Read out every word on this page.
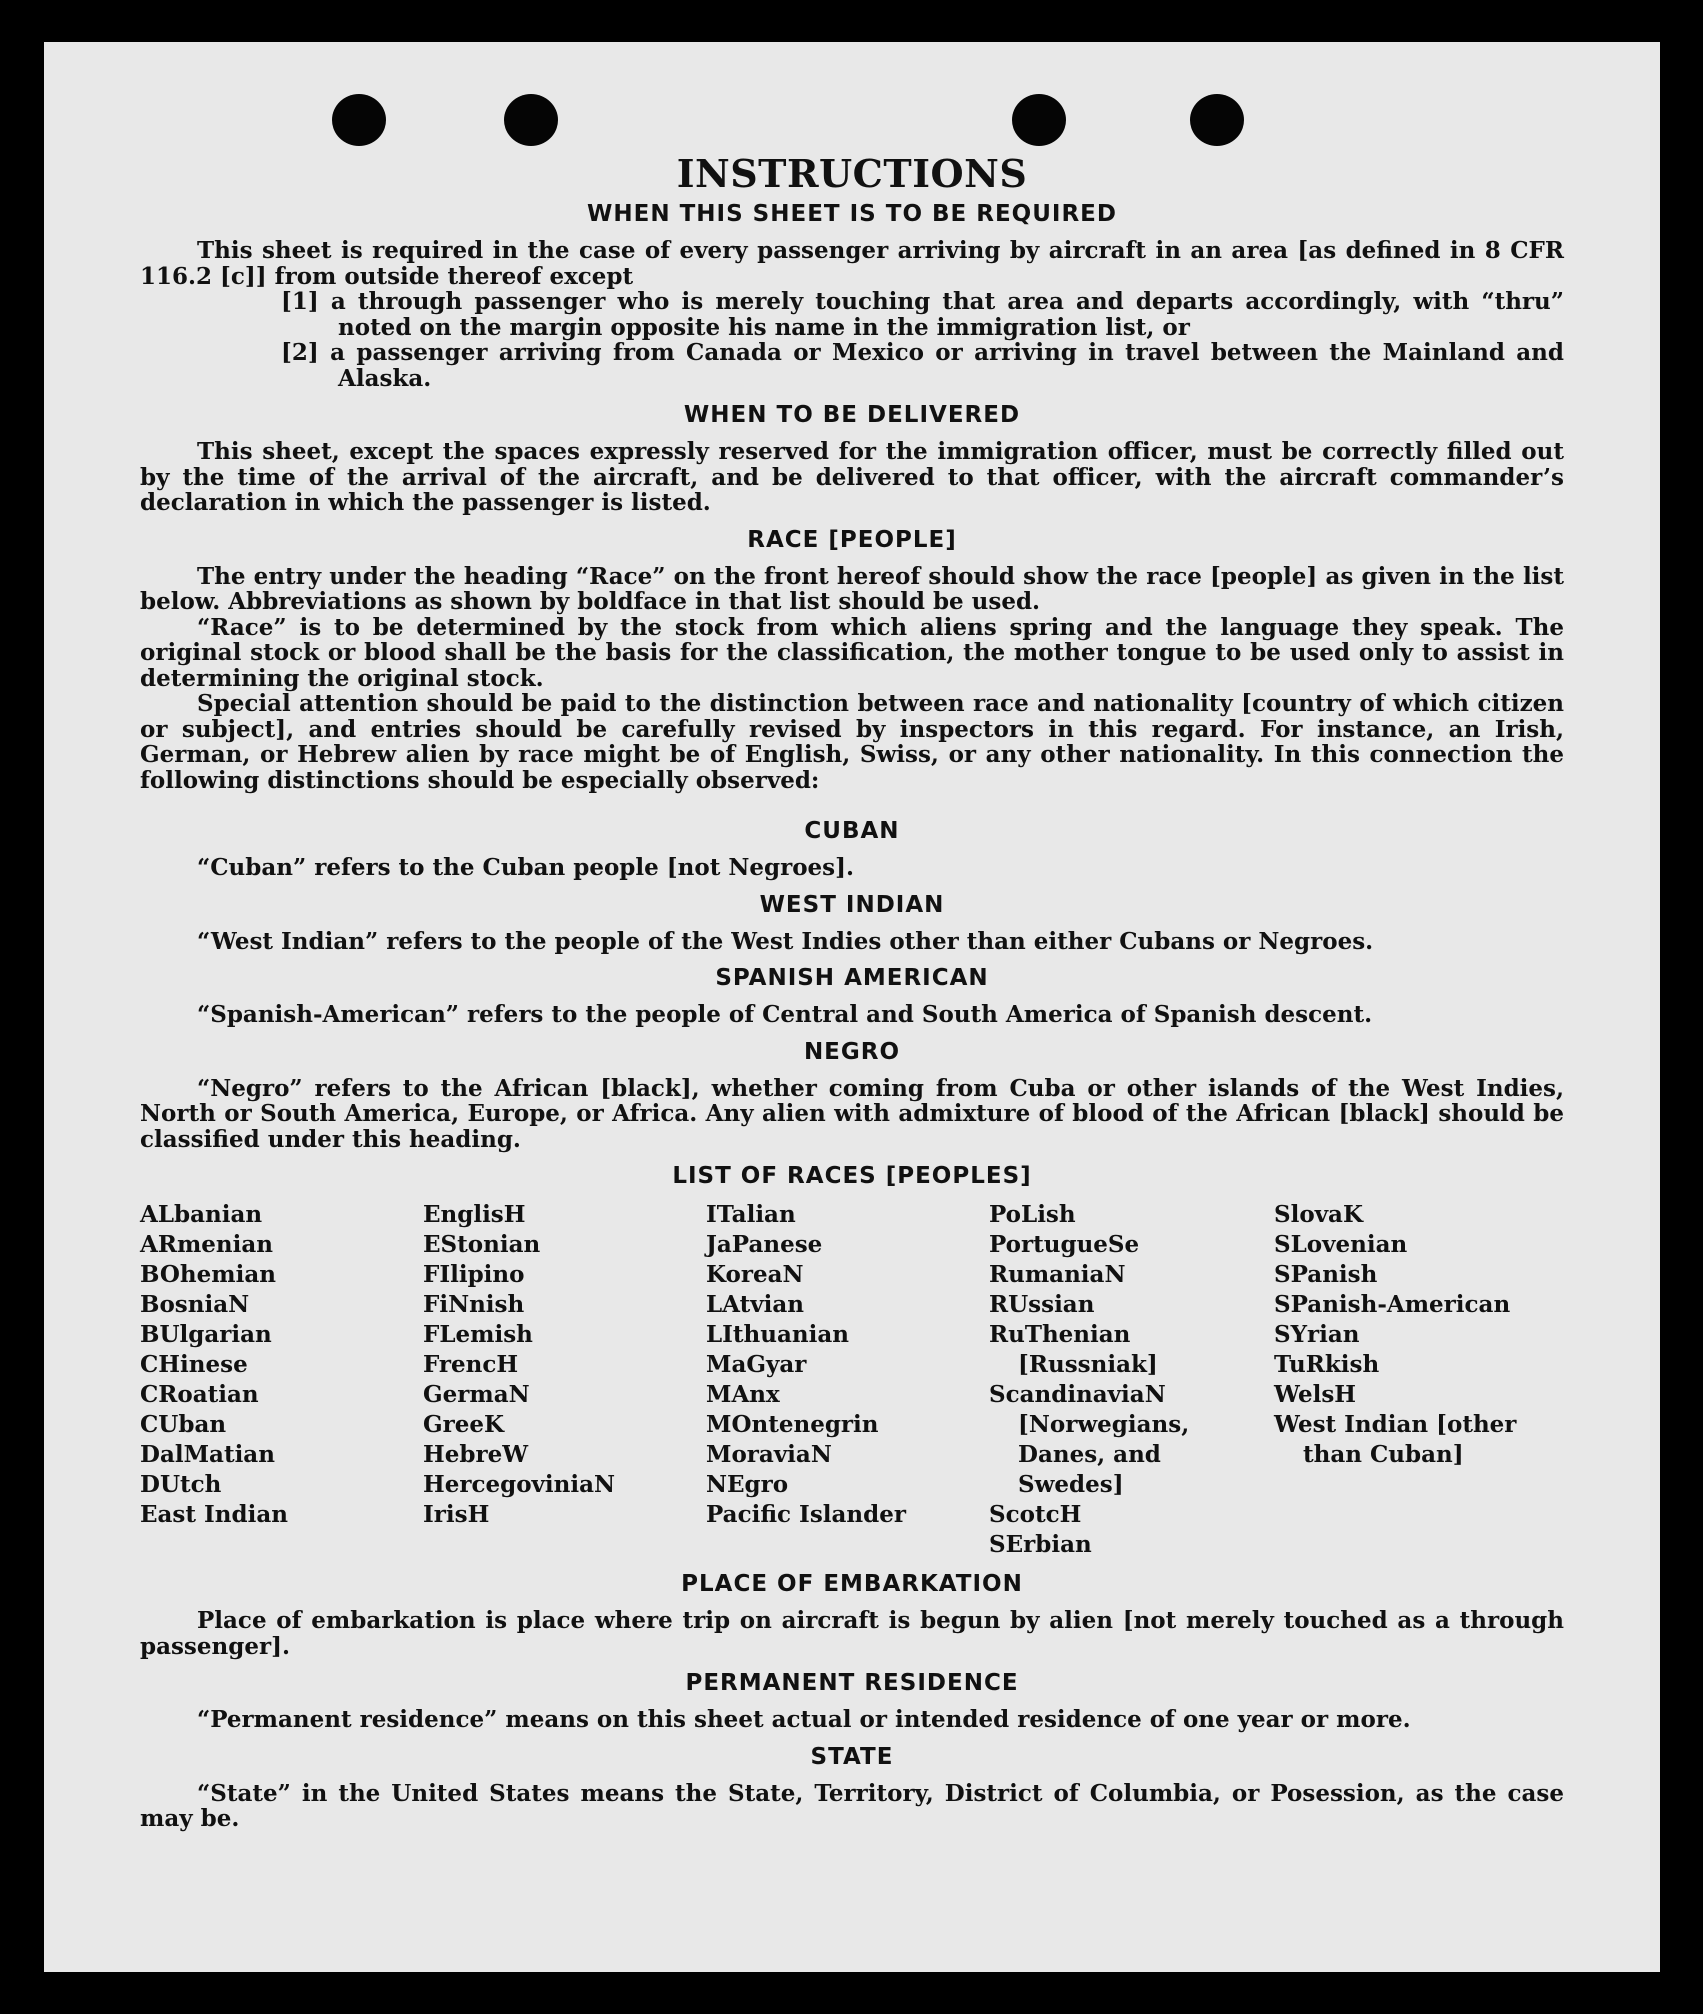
INSTRUCTIONS
WHEN THIS SHEET IS TO BE REQUIRED

This sheet is required in the case of every passenger arriving by aircraft in an area [as defined in 8 CFR 116.2 [c]] from outside thereof except

[1] a through passenger who is merely touching that area and departs accordingly, with “thru” noted on the margin opposite his name in the immigration list, or

[2] a passenger arriving from Canada or Mexico or arriving in travel between the Mainland and Alaska.

WHEN TO BE DELIVERED

This sheet, except the spaces expressly reserved for the immigration officer, must be correctly filled out by the time of the arrival of the aircraft, and be delivered to that officer, with the aircraft commander’s declaration in which the passenger is listed.

RACE [PEOPLE]

The entry under the heading “Race” on the front hereof should show the race [people] as given in the list below. Abbreviations as shown by boldface in that list should be used.

“Race” is to be determined by the stock from which aliens spring and the language they speak. The original stock or blood shall be the basis for the classification, the mother tongue to be used only to assist in determining the original stock.

Special attention should be paid to the distinction between race and nationality [country of which citizen or subject], and entries should be carefully revised by inspectors in this regard. For instance, an Irish, German, or Hebrew alien by race might be of English, Swiss, or any other nationality. In this connection the following distinctions should be especially observed:

CUBAN

“Cuban” refers to the Cuban people [not Negroes].

WEST INDIAN

“West Indian” refers to the people of the West Indies other than either Cubans or Negroes.

SPANISH AMERICAN

“Spanish-American” refers to the people of Central and South America of Spanish descent.

NEGRO

“Negro” refers to the African [black], whether coming from Cuba or other islands of the West Indies, North or South America, Europe, or Africa. Any alien with admixture of blood of the African [black] should be classified under this heading.

LIST OF RACES [PEOPLES]
ALbanian
ARmenian
BOhemian
BosniaN
BUlgarian
CHinese
CRoatian
CUban
DalMatian
DUtch
East Indian
EnglisH
EStonian
FIlipino
FiNnish
FLemish
FrencH
GermaN
GreeK
HebreW
HercegoviniaN
IrisH
ITalian
JaPanese
KoreaN
LAtvian
LIthuanian
MaGyar
MAnx
MOntenegrin
MoraviaN
NEgro
Pacific Islander
PoLish
PortugueSe
RumaniaN
RUssian
RuThenian [Russniak]
ScandinaviaN [Norwegians, Danes, and Swedes]
ScotcH
SErbian
SlovaK
SLovenian
SPanish
SPanish-American
SYrian
TuRkish
WelsH
West Indian [other than Cuban]
PLACE OF EMBARKATION

Place of embarkation is place where trip on aircraft is begun by alien [not merely touched as a through passenger].

PERMANENT RESIDENCE

“Permanent residence” means on this sheet actual or intended residence of one year or more.

STATE

“State” in the United States means the State, Territory, District of Columbia, or Posession, as the case may be.
